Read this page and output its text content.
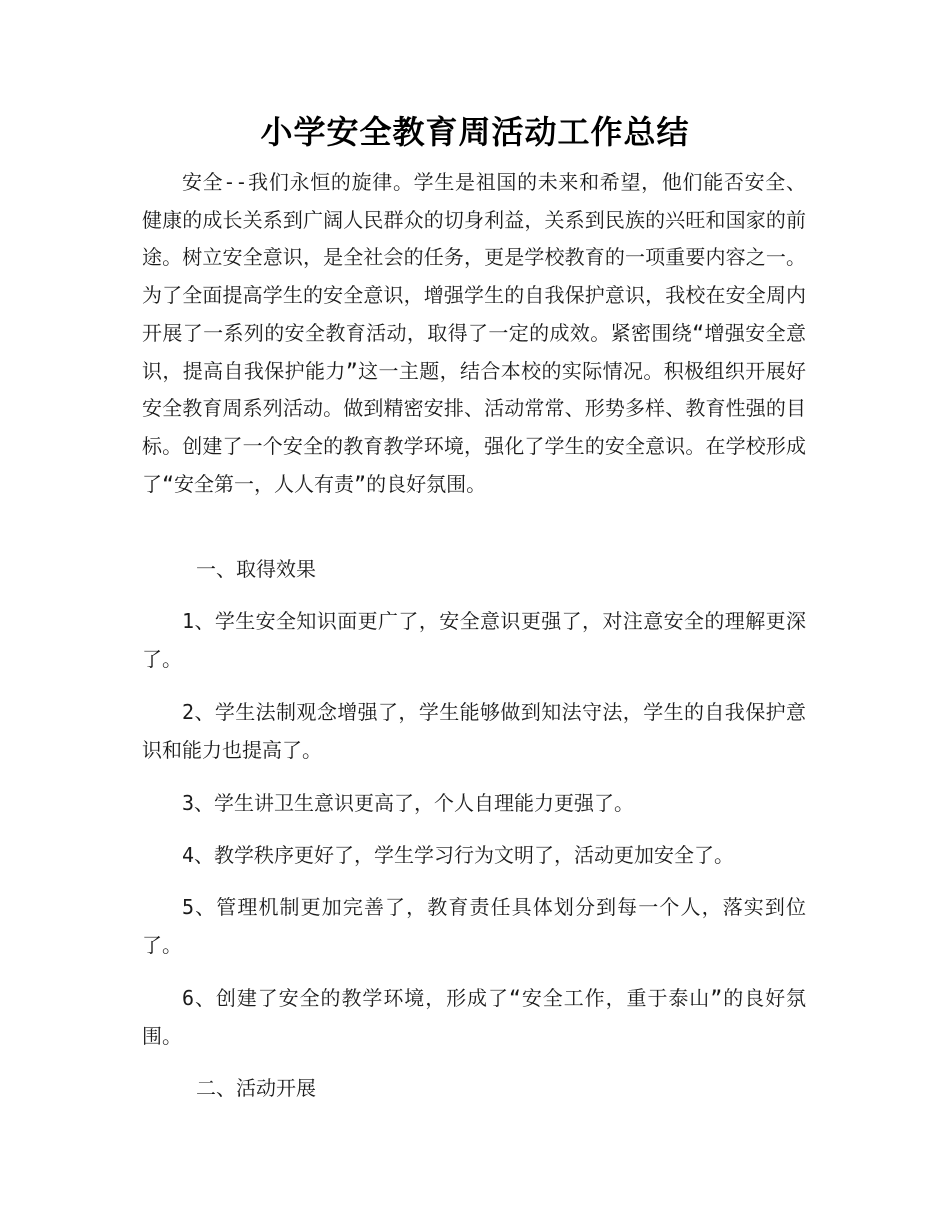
小学安全教育周活动工作总结

安全--我们永恒的旋律。学生是祖国的未来和希望，他们能否安全、健康的成长关系到广阔人民群众的切身利益，关系到民族的兴旺和国家的前途。树立安全意识，是全社会的任务，更是学校教育的一项重要内容之一。为了全面提高学生的安全意识，增强学生的自我保护意识，我校在安全周内开展了一系列的安全教育活动，取得了一定的成效。紧密围绕“增强安全意识，提高自我保护能力”这一主题，结合本校的实际情况。积极组织开展好安全教育周系列活动。做到精密安排、活动常常、形势多样、教育性强的目标。创建了一个安全的教育教学环境，强化了学生的安全意识。在学校形成了“安全第一，人人有责”的良好氛围。

一、取得效果

1、学生安全知识面更广了，安全意识更强了，对注意安全的理解更深了。

2、学生法制观念增强了，学生能够做到知法守法，学生的自我保护意识和能力也提高了。

3、学生讲卫生意识更高了，个人自理能力更强了。

4、教学秩序更好了，学生学习行为文明了，活动更加安全了。

5、管理机制更加完善了，教育责任具体划分到每一个人，落实到位了。

6、创建了安全的教学环境，形成了“安全工作，重于泰山”的良好氛围。

二、活动开展
